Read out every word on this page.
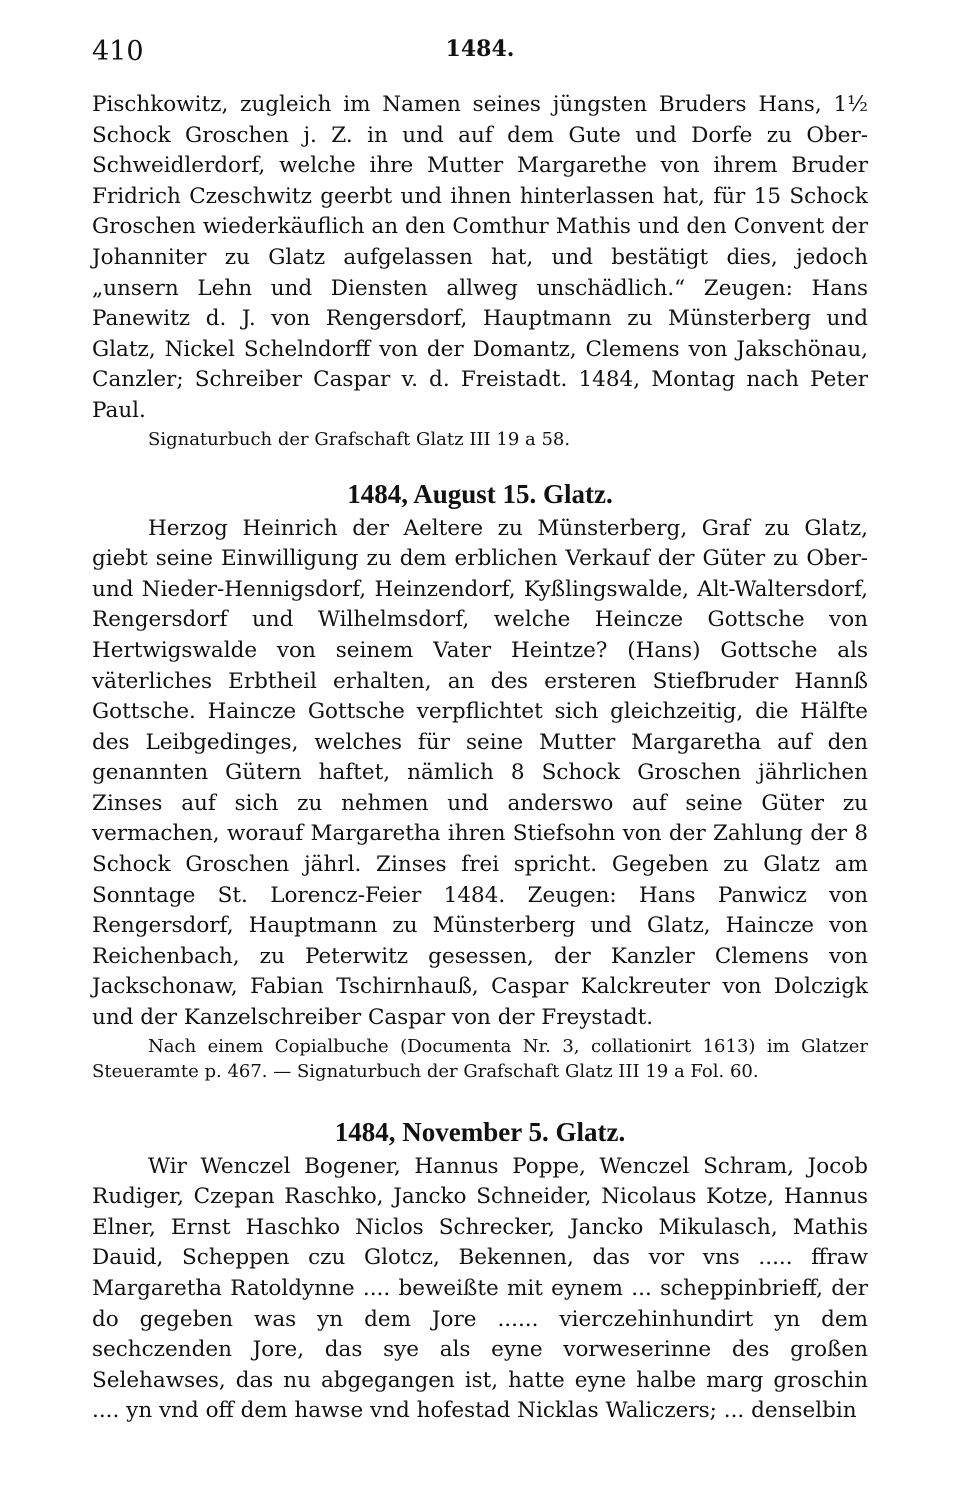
410	1484.

Pischkowitz, zugleich im Namen seines jüngsten Bruders Hans, 1½ Schock Groschen j. Z. in und auf dem Gute und Dorfe zu Ober-Schweidlerdorf, welche ihre Mutter Margarethe von ihrem Bruder Fridrich Czeschwitz geerbt und ihnen hinterlassen hat, für 15 Schock Groschen wiederkäuflich an den Comthur Mathis und den Convent der Johanniter zu Glatz aufgelassen hat, und bestätigt dies, jedoch „unsern Lehn und Diensten allweg unschädlich.“ Zeugen: Hans Panewitz d. J. von Rengersdorf, Hauptmann zu Münsterberg und Glatz, Nickel Schelndorff von der Domantz, Clemens von Jakschönau, Canzler; Schreiber Caspar v. d. Freistadt. 1484, Montag nach Peter Paul.

Signaturbuch der Grafschaft Glatz III 19 a 58.

1484, August 15. Glatz.

Herzog Heinrich der Aeltere zu Münsterberg, Graf zu Glatz, giebt seine Einwilligung zu dem erblichen Verkauf der Güter zu Ober- und Nieder-Hennigsdorf, Heinzendorf, Kyßlingswalde, Alt-Waltersdorf, Rengersdorf und Wilhelmsdorf, welche Heincze Gottsche von Hertwigswalde von seinem Vater Heintze? (Hans) Gottsche als väterliches Erbtheil erhalten, an des ersteren Stiefbruder Hannß Gottsche. Haincze Gottsche verpflichtet sich gleichzeitig, die Hälfte des Leibgedinges, welches für seine Mutter Margaretha auf den genannten Gütern haftet, nämlich 8 Schock Groschen jährlichen Zinses auf sich zu nehmen und anderswo auf seine Güter zu vermachen, worauf Margaretha ihren Stiefsohn von der Zahlung der 8 Schock Groschen jährl. Zinses frei spricht. Gegeben zu Glatz am Sonntage St. Lorencz-Feier 1484. Zeugen: Hans Panwicz von Rengersdorf, Hauptmann zu Münsterberg und Glatz, Haincze von Reichenbach, zu Peterwitz gesessen, der Kanzler Clemens von Jackschonaw, Fabian Tschirnhauß, Caspar Kalckreuter von Dolczigk und der Kanzelschreiber Caspar von der Freystadt.

Nach einem Copialbuche (Documenta Nr. 3, collationirt 1613) im Glatzer Steueramte p. 467. — Signaturbuch der Grafschaft Glatz III 19 a Fol. 60.

1484, November 5. Glatz.

Wir Wenczel Bogener, Hannus Poppe, Wenczel Schram, Jocob Rudiger, Czepan Raschko, Jancko Schneider, Nicolaus Kotze, Hannus Elner, Ernst Haschko Niclos Schrecker, Jancko Mikulasch, Mathis Dauid, Scheppen czu Glotcz, Bekennen, das vor vns ..... ffraw Margaretha Ratoldynne .... beweißte mit eynem ... scheppinbrieff, der do gegeben was yn dem Jore ...... vierczehinhundirt yn dem sechczenden Jore, das sye als eyne vorweserinne des großen Selehawses, das nu abgegangen ist, hatte eyne halbe marg groschin .... yn vnd off dem hawse vnd hofestad Nicklas Waliczers; ... denselbin
